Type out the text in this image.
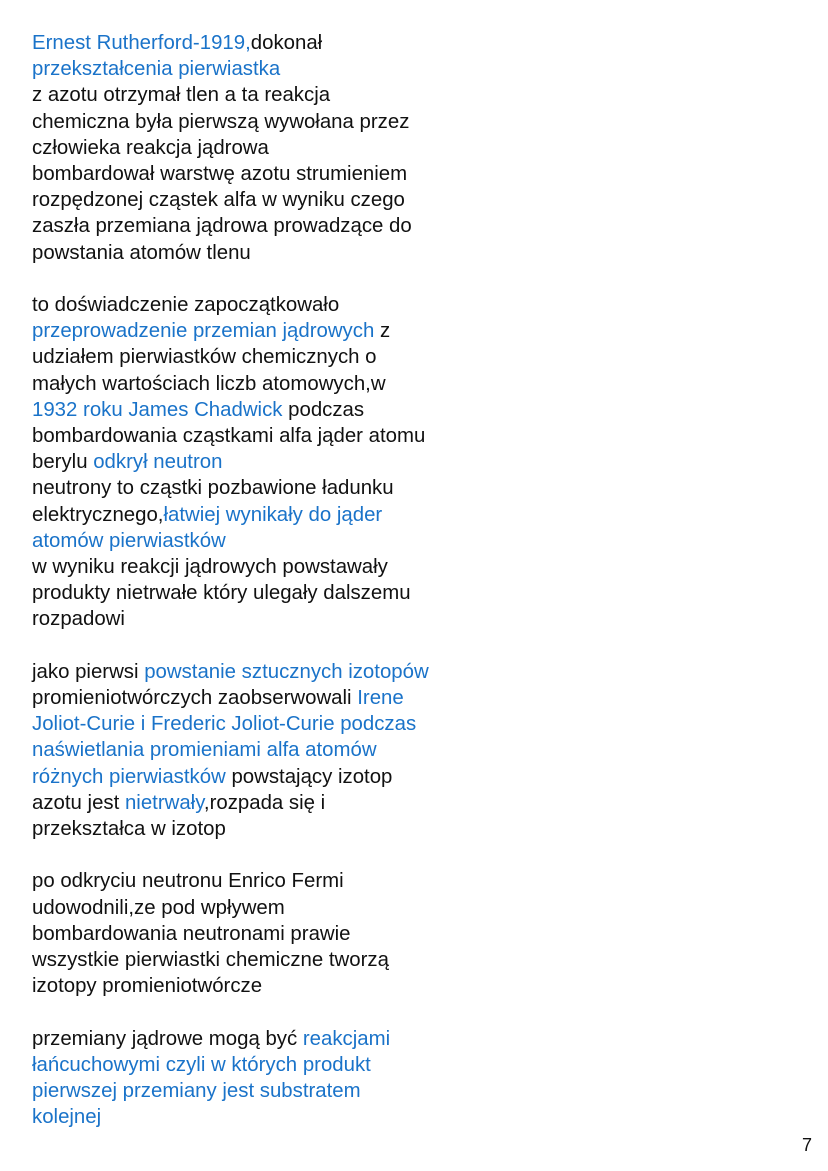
Ernest Rutherford-1919,dokonał
przekształcenia pierwiastka
z azotu otrzymał tlen a ta reakcja
chemiczna była pierwszą wywołana przez
człowieka reakcja jądrowa
bombardował warstwę azotu strumieniem
rozpędzonej cząstek alfa w wyniku czego
zaszła przemiana jądrowa prowadzące do
powstania atomów tlenu
to doświadczenie zapoczątkowało
przeprowadzenie przemian jądrowych z
udziałem pierwiastków chemicznych o
małych wartościach liczb atomowych,w
1932 roku James Chadwick podczas
bombardowania cząstkami alfa jąder atomu
berylu odkrył neutron
neutrony to cząstki pozbawione ładunku
elektrycznego,łatwiej wynikały do jąder
atomów pierwiastków
w wyniku reakcji jądrowych powstawały
produkty nietrwałe który ulegały dalszemu
rozpadowi
jako pierwsi powstanie sztucznych izotopów
promieniotwórczych zaobserwowali Irene
Joliot-Curie i Frederic Joliot-Curie podczas
naświetlania promieniami alfa atomów
różnych pierwiastków powstający izotop
azotu jest nietrwały,rozpada się i
przekształca w izotop
po odkryciu neutronu Enrico Fermi
udowodnili,ze pod wpływem
bombardowania neutronami prawie
wszystkie pierwiastki chemiczne tworzą
izotopy promieniotwórcze
przemiany jądrowe mogą być reakcjami
łańcuchowymi czyli w których produkt
pierwszej przemiany jest substratem
kolejnej
7
